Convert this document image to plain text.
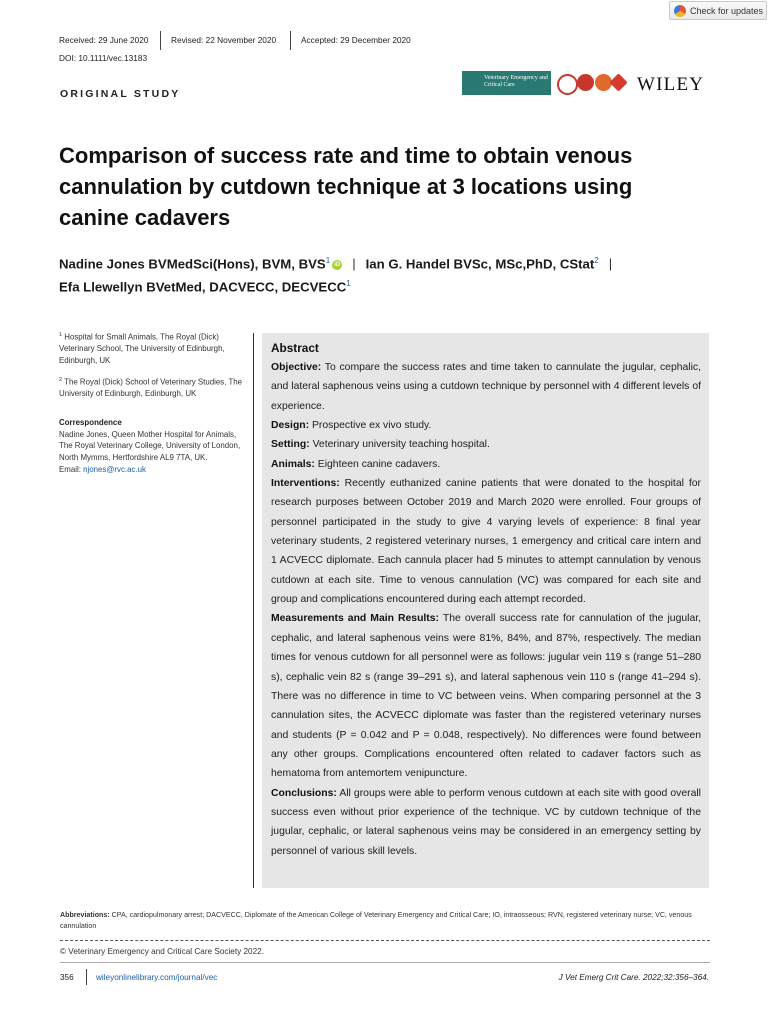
Received: 29 June 2020	Revised: 22 November 2020	Accepted: 29 December 2020
DOI: 10.1111/vec.13183
Check for updates
Veterinary Emergency and Critical Care	WILEY
ORIGINAL STUDY
Comparison of success rate and time to obtain venous cannulation by cutdown technique at 3 locations using canine cadavers
Nadine Jones BVMedSci(Hons), BVM, BVS$^1$ iD | Ian G. Handel BVSc, MSc,PhD, CStat$^2$ |
Efa Llewellyn BVetMed, DACVECC, DECVECC$^1$
$^1$ Hospital for Small Animals, The Royal (Dick) Veterinary School, The University of Edinburgh, Edinburgh, UK
$^2$ The Royal (Dick) School of Veterinary Studies, The University of Edinburgh, Edinburgh, UK
Correspondence
Nadine Jones, Queen Mother Hospital for Animals, The Royal Veterinary College, University of London, North Mymms, Hertfordshire AL9 7TA, UK.
Email: njones@rvc.ac.uk
Abstract

Objective: To compare the success rates and time taken to cannulate the jugular, cephalic, and lateral saphenous veins using a cutdown technique by personnel with 4 different levels of experience.

Design: Prospective ex vivo study.

Setting: Veterinary university teaching hospital.

Animals: Eighteen canine cadavers.

Interventions: Recently euthanized canine patients that were donated to the hospital for research purposes between October 2019 and March 2020 were enrolled. Four groups of personnel participated in the study to give 4 varying levels of experience: 8 final year veterinary students, 2 registered veterinary nurses, 1 emergency and critical care intern and 1 ACVECC diplomate. Each cannula placer had 5 minutes to attempt cannulation by venous cutdown at each site. Time to venous cannulation (VC) was compared for each site and group and complications encountered during each attempt recorded.

Measurements and Main Results: The overall success rate for cannulation of the jugular, cephalic, and lateral saphenous veins were 81%, 84%, and 87%, respectively. The median times for venous cutdown for all personnel were as follows: jugular vein 119 s (range 51–280 s), cephalic vein 82 s (range 39–291 s), and lateral saphenous vein 110 s (range 41–294 s). There was no difference in time to VC between veins. When comparing personnel at the 3 cannulation sites, the ACVECC diplomate was faster than the registered veterinary nurses and students (P = 0.042 and P = 0.048, respectively). No differences were found between any other groups. Complications encountered often related to cadaver factors such as hematoma from antemortem venipuncture.

Conclusions: All groups were able to perform venous cutdown at each site with good overall success even without prior experience of the technique. VC by cutdown technique of the jugular, cephalic, or lateral saphenous veins may be considered in an emergency setting by personnel of various skill levels.

Abbreviations: CPA, cardiopulmonary arrest; DACVECC, Diplomate of the American College of Veterinary Emergency and Critical Care; IO, intraosseous; RVN, registered veterinary nurse; VC, venous cannulation
© Veterinary Emergency and Critical Care Society 2022.
356	wileyonlinelibrary.com/journal/vec	J Vet Emerg Crit Care. 2022;32:356–364.
